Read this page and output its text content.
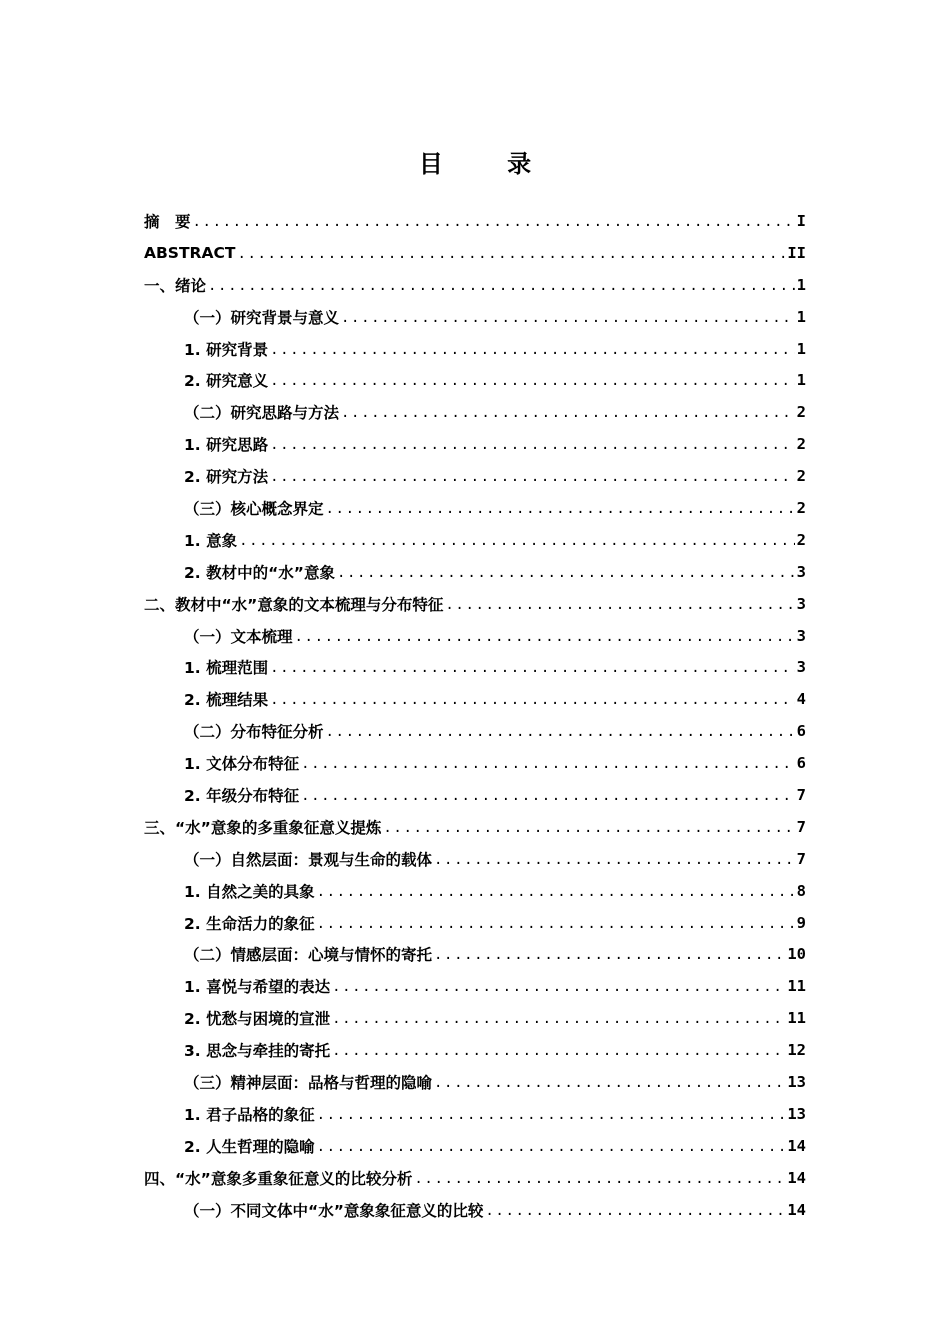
目 录
摘　要 .....	I
ABSTRACT .....	II
一、绪论 .....	1
（一）研究背景与意义 .....	1
1. 研究背景 .....	1
2. 研究意义 .....	1
（二）研究思路与方法 .....	2
1. 研究思路 .....	2
2. 研究方法 .....	2
（三）核心概念界定 .....	2
1. 意象 .....	2
2. 教材中的“水”意象 .....	3
二、教材中“水”意象的文本梳理与分布特征 .....	3
（一）文本梳理 .....	3
1. 梳理范围 .....	3
2. 梳理结果 .....	4
（二）分布特征分析 .....	6
1. 文体分布特征 .....	6
2. 年级分布特征 .....	7
三、“水”意象的多重象征意义提炼 .....	7
（一）自然层面：景观与生命的载体 .....	7
1. 自然之美的具象 .....	8
2. 生命活力的象征 .....	9
（二）情感层面：心境与情怀的寄托 .....	10
1. 喜悦与希望的表达 .....	11
2. 忧愁与困境的宣泄 .....	11
3. 思念与牵挂的寄托 .....	12
（三）精神层面：品格与哲理的隐喻 .....	13
1. 君子品格的象征 .....	13
2. 人生哲理的隐喻 .....	14
四、“水”意象多重象征意义的比较分析 .....	14
（一）不同文体中“水”意象象征意义的比较 .....	14
